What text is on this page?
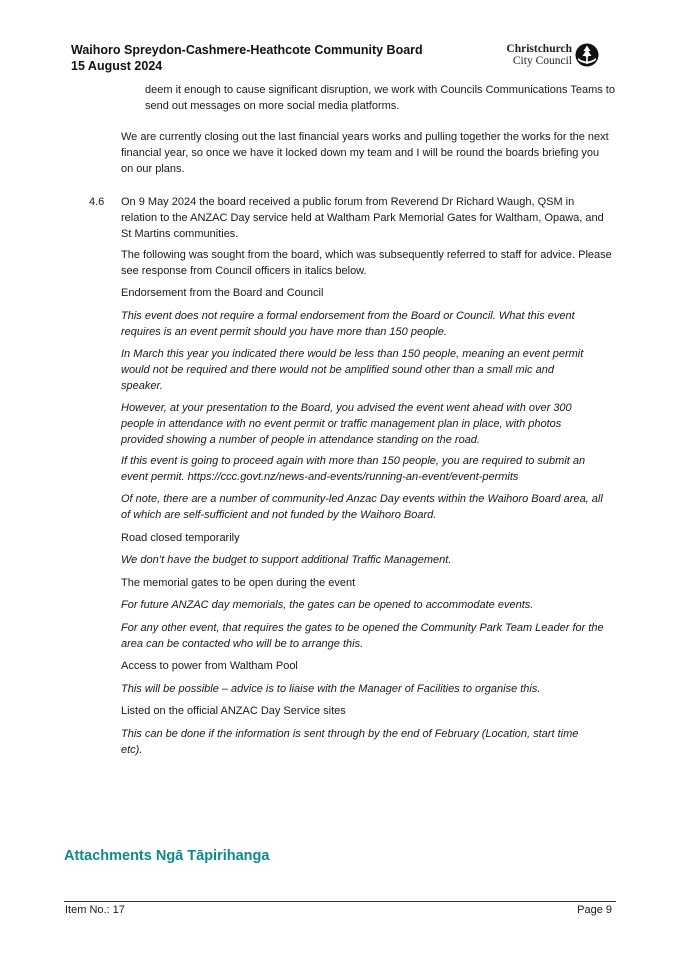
Waihoro Spreydon-Cashmere-Heathcote Community Board
15 August 2024
Christchurch
City Council
deem it enough to cause significant disruption, we work with Councils Communications Teams to send out messages on more social media platforms.
We are currently closing out the last financial years works and pulling together the works for the next financial year, so once we have it locked down my team and I will be round the boards briefing you on our plans.
4.6 On 9 May 2024 the board received a public forum from Reverend Dr Richard Waugh, QSM in relation to the ANZAC Day service held at Waltham Park Memorial Gates for Waltham, Opawa, and St Martins communities.
The following was sought from the board, which was subsequently referred to staff for advice. Please see response from Council officers in italics below.
Endorsement from the Board and Council
This event does not require a formal endorsement from the Board or Council. What this event requires is an event permit should you have more than 150 people.
In March this year you indicated there would be less than 150 people, meaning an event permit would not be required and there would not be amplified sound other than a small mic and speaker.
However, at your presentation to the Board, you advised the event went ahead with over 300 people in attendance with no event permit or traffic management plan in place, with photos provided showing a number of people in attendance standing on the road.
If this event is going to proceed again with more than 150 people, you are required to submit an event permit. https://ccc.govt.nz/news-and-events/running-an-event/event-permits
Of note, there are a number of community-led Anzac Day events within the Waihoro Board area, all of which are self-sufficient and not funded by the Waihoro Board.
Road closed temporarily
We don’t have the budget to support additional Traffic Management.
The memorial gates to be open during the event
For future ANZAC day memorials, the gates can be opened to accommodate events.
For any other event, that requires the gates to be opened the Community Park Team Leader for the area can be contacted who will be to arrange this.
Access to power from Waltham Pool
This will be possible – advice is to liaise with the Manager of Facilities to organise this.
Listed on the official ANZAC Day Service sites
This can be done if the information is sent through by the end of February (Location, start time etc).
Attachments Ngā Tāpirihanga
Item No.: 17	Page 9
